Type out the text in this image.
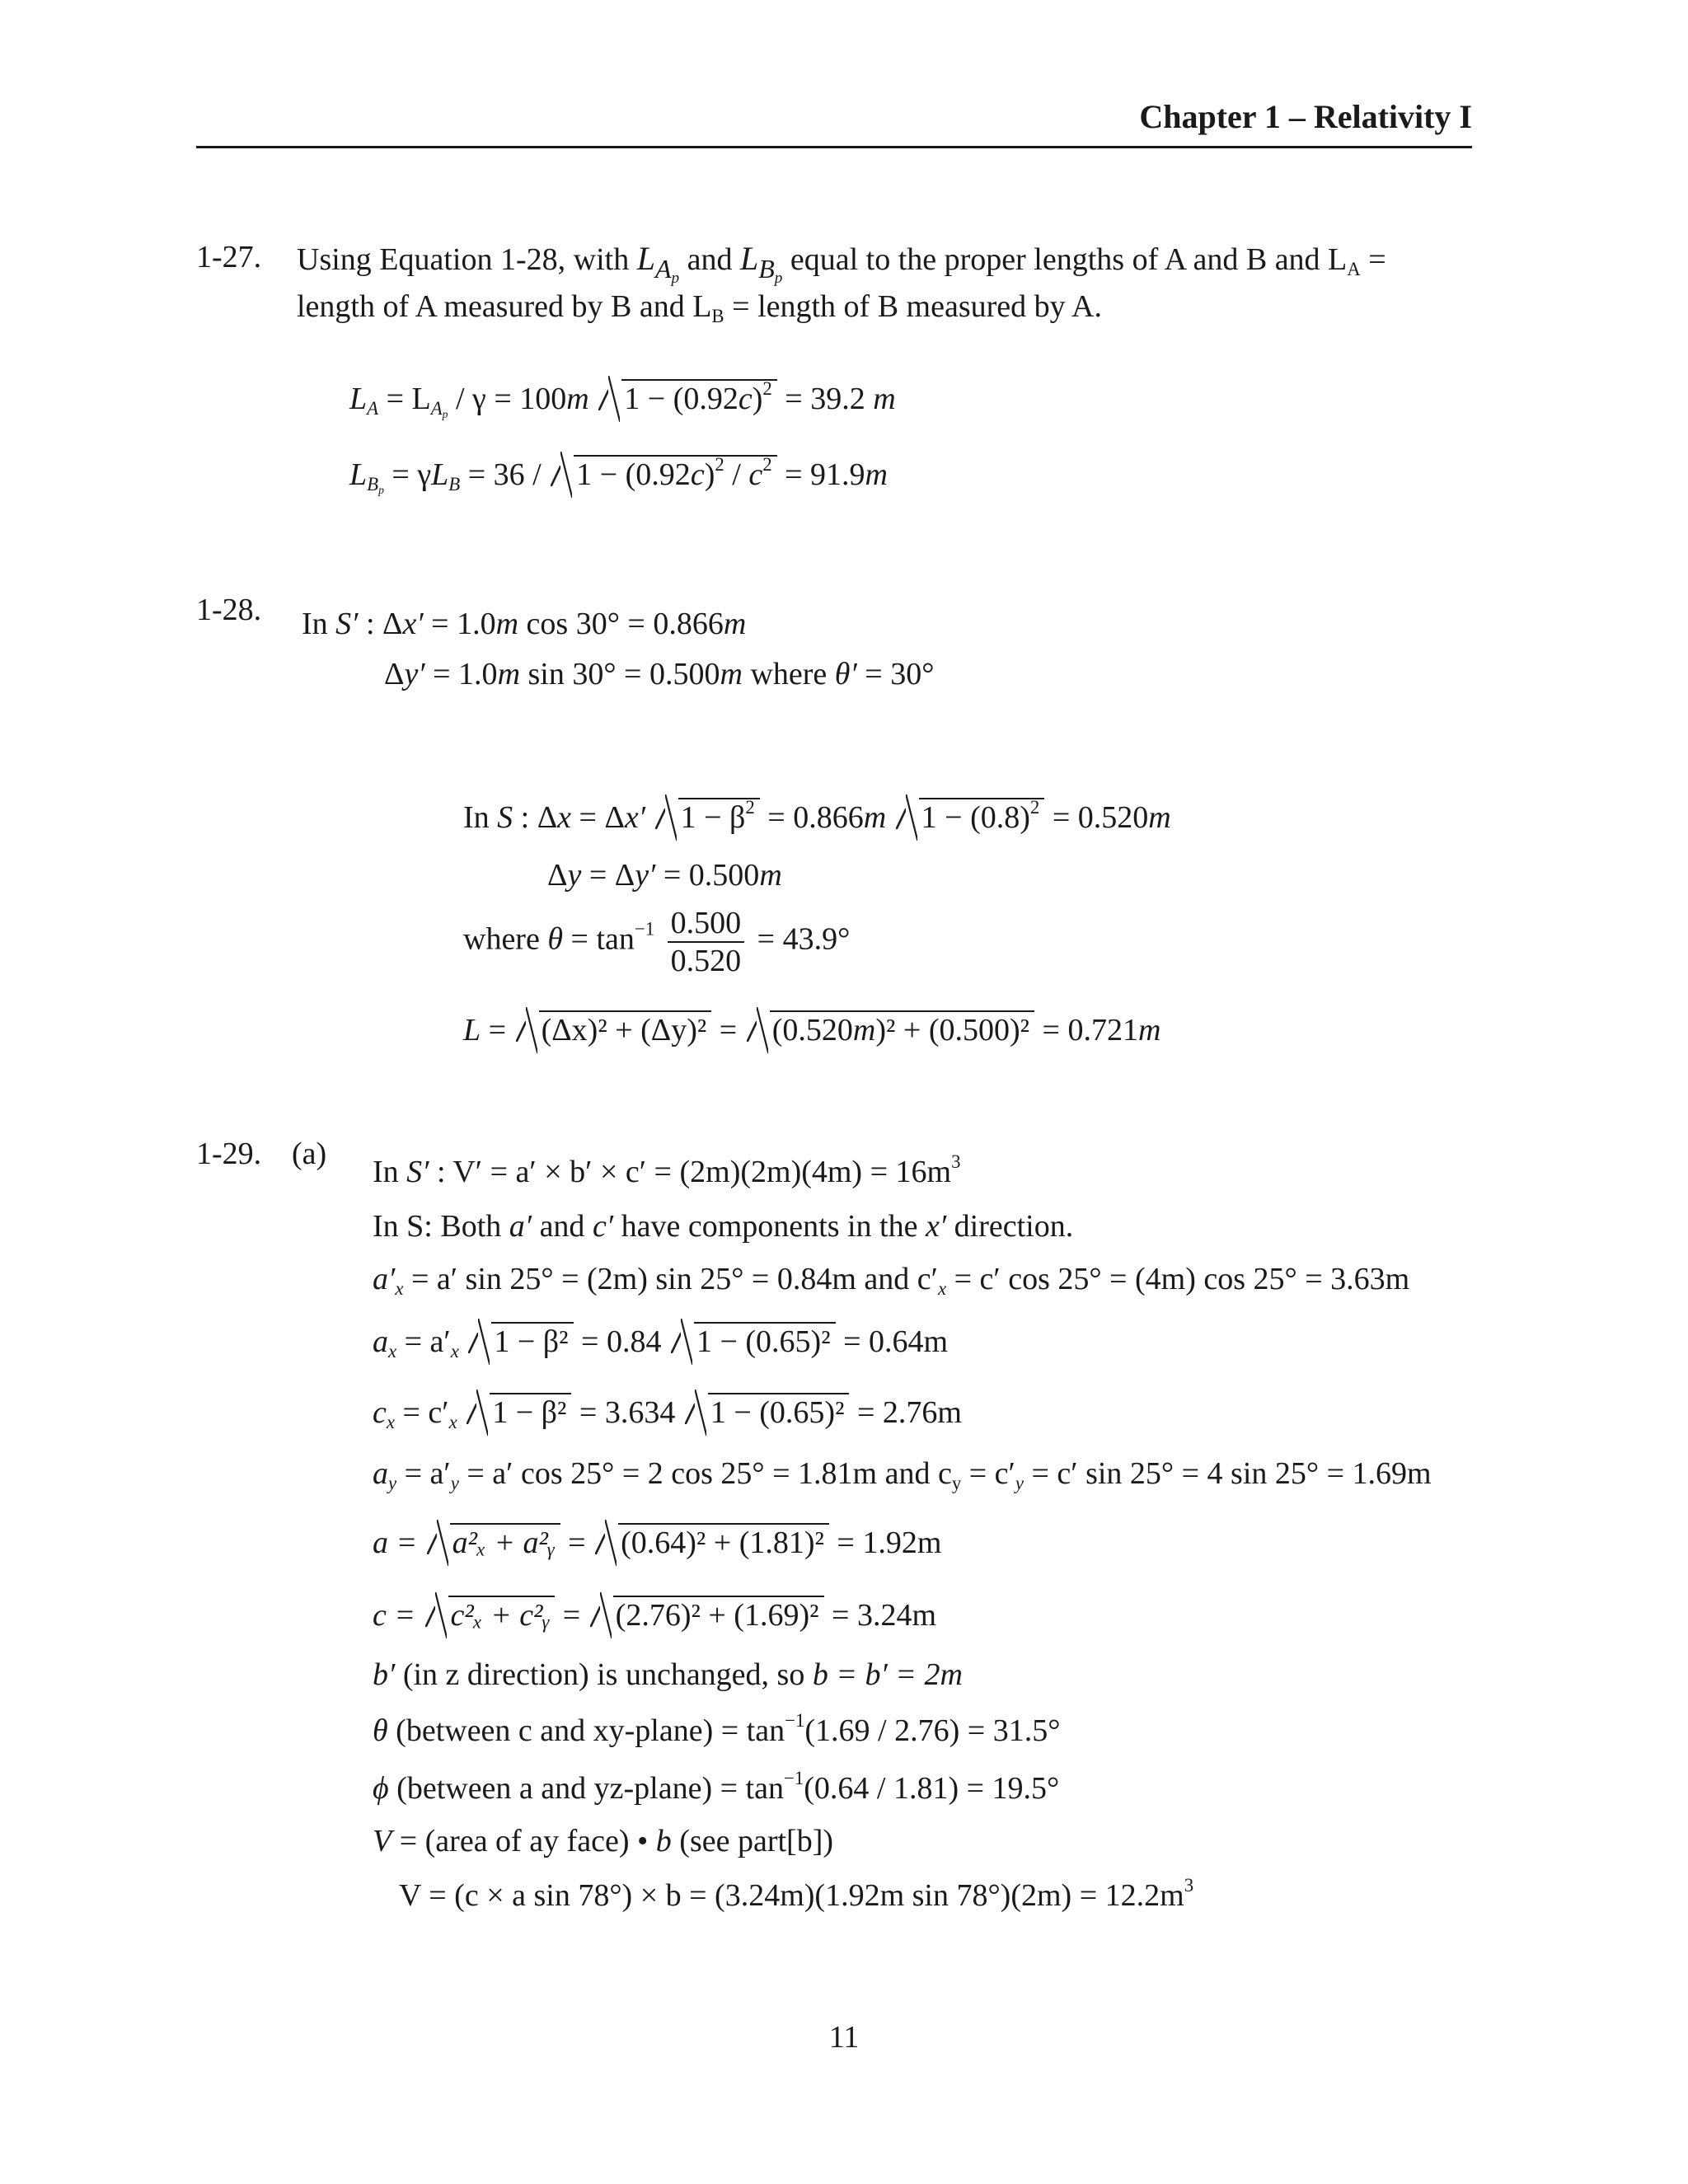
Chapter 1 – Relativity I
1-27. Using Equation 1-28, with $L_{A_p}$ and $L_{B_p}$ equal to the proper lengths of A and B and $L_A$ =
length of A measured by B and $L_B$ = length of B measured by A.
$L_A = L_{A_p} / \gamma = 100m$ $1 - (0.92c)^2 = 39.2$ m
$L_{B_p} = \gamma L_B = 36 / 1 - (0.92c)^2 / c^2 = 91.9m$
1-28. In S′ : Δx′ = 1.0m cos 30° = 0.866m
Δy′ = 1.0m sin 30° = 0.500m where θ′ = 30°
In S : Δx = Δx′ $1 - \beta^2 = 0.866m$ $1 - (0.8)^2 = 0.520m$
Δy = Δy′ = 0.500m
where $\theta = \tan^{-1} \frac{0.500}{0.520} = 43.9^\circ$
L = (Δx)² + (Δy)² = (0.520m)² + (0.500)² = 0.721m
1-29. (a)
In S′ : $V' = a' \times b' \times c' = (2m)(2m)(4m) = 16m^3$
In S: Both a′ and c′ have components in the x′ direction.
$a'_x = a'$ sin 25° = (2m) sin 25° = 0.84m and $c'_x = c'$ cos 25° = (4m) cos 25° = 3.63m
$a_x = a'_x$ 1 − β² = 0.84 1 − (0.65)² = 0.64m
$c_x = c'_x$ 1 − β² = 3.634 1 − (0.65)² = 2.76m
$a_y = a'_y = a'$ cos 25° = 2 cos 25° = 1.81m and $c_y = c'_y = c'$ sin 25° = 4 sin 25° = 1.69m
a = a²ₓ + a²ᵧ = (0.64)² + (1.81)² = 1.92m
c = c²ₓ + c²ᵧ = (2.76)² + (1.69)² = 3.24m
b′ (in z direction) is unchanged, so b = b′ = 2m
θ (between c and xy-plane) = $\tan^{-1}(1.69 / 2.76) = 31.5^\circ$
ϕ (between a and yz-plane) = $\tan^{-1}(0.64 / 1.81) = 19.5^\circ$
V = (area of ay face) • b (see part[b])
V = (c × a sin 78°) × b = (3.24m)(1.92m $\sin 78^\circ)(2m) = 12.2m^3$
11
